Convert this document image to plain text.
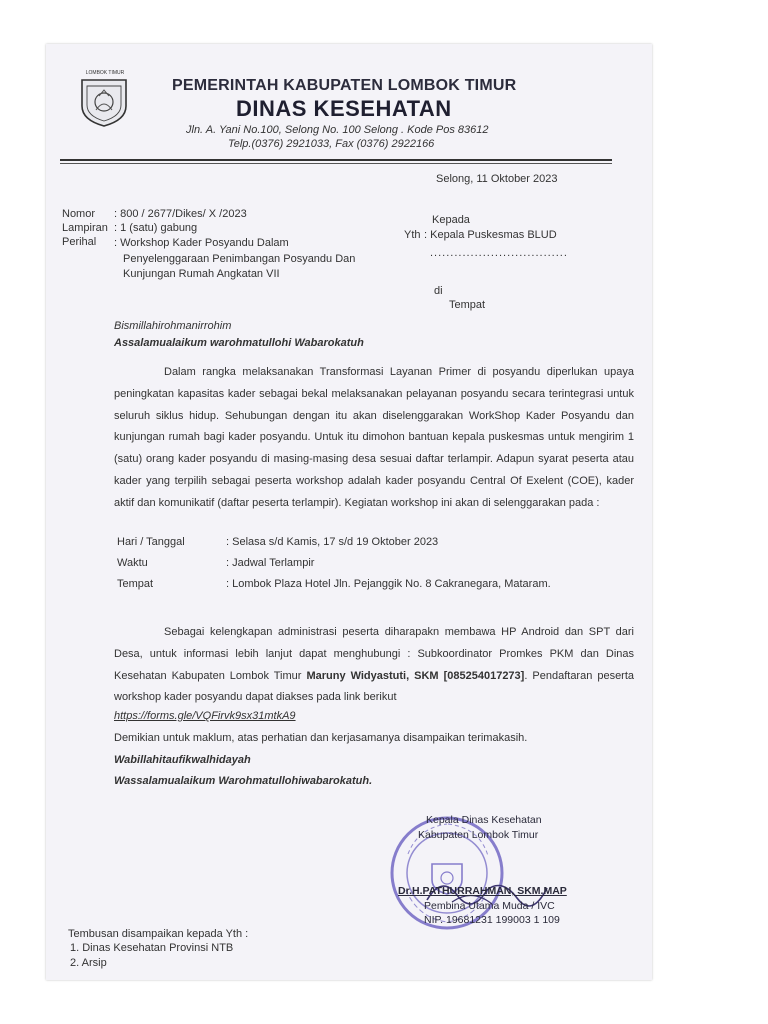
LOMBOK TIMUR
PEMERINTAH KABUPATEN LOMBOK TIMUR
DINAS KESEHATAN
Jln. A. Yani No.100, Selong No. 100 Selong . Kode Pos 83612
Telp.(0376) 2921033, Fax (0376) 2922166
Selong, 11 Oktober 2023
Nomor : 800 / 2677/Dikes/ X /2023
Lampiran : 1 (satu) gabung
Perihal : Workshop Kader Posyandu Dalam
Penyelenggaraan Penimbangan Posyandu Dan
Kunjungan Rumah Angkatan VII
Kepada
Yth : Kepala Puskesmas BLUD
..................................
di
Tempat
Bismillahirohmanirrohim
Assalamualaikum warohmatullohi Wabarokatuh
Dalam rangka melaksanakan Transformasi Layanan Primer di posyandu diperlukan upaya peningkatan kapasitas kader sebagai bekal melaksanakan pelayanan posyandu secara terintegrasi untuk seluruh siklus hidup. Sehubungan dengan itu akan diselenggarakan WorkShop Kader Posyandu dan kunjungan rumah bagi kader posyandu. Untuk itu dimohon bantuan kepala puskesmas untuk mengirim 1 (satu) orang kader posyandu di masing-masing desa sesuai daftar terlampir. Adapun syarat peserta atau kader yang terpilih sebagai peserta workshop adalah kader posyandu Central Of Exelent (COE), kader aktif dan komunikatif (daftar peserta terlampir). Kegiatan workshop ini akan di selenggarakan pada :
Hari / Tanggal	: Selasa s/d Kamis, 17 s/d 19 Oktober 2023
Waktu	: Jadwal Terlampir
Tempat	: Lombok Plaza Hotel Jln. Pejanggik No. 8 Cakranegara, Mataram.
Sebagai kelengkapan administrasi peserta diharapakn membawa HP Android dan SPT dari Desa, untuk informasi lebih lanjut dapat menghubungi : Subkoordinator Promkes PKM dan Dinas Kesehatan Kabupaten Lombok Timur Maruny Widyastuti, SKM [085254017273]. Pendaftaran peserta workshop kader posyandu dapat diakses pada link berikut
https://forms.gle/VQFirvk9sx31mtkA9
Demikian untuk maklum, atas perhatian dan kerjasamanya disampaikan terimakasih.
Wabillahitaufikwalhidayah
Wassalamualaikum Warohmatullohiwabarokatuh.
Kepala Dinas Kesehatan
Kabupaten Lombok Timur
Dr.H.PATHURRAHMAN, SKM.MAP
Pembina Utama Muda / IVC
NIP. 19681231 199003 1 109
Tembusan disampaikan kepada Yth :
1. Dinas Kesehatan Provinsi NTB
2. Arsip
